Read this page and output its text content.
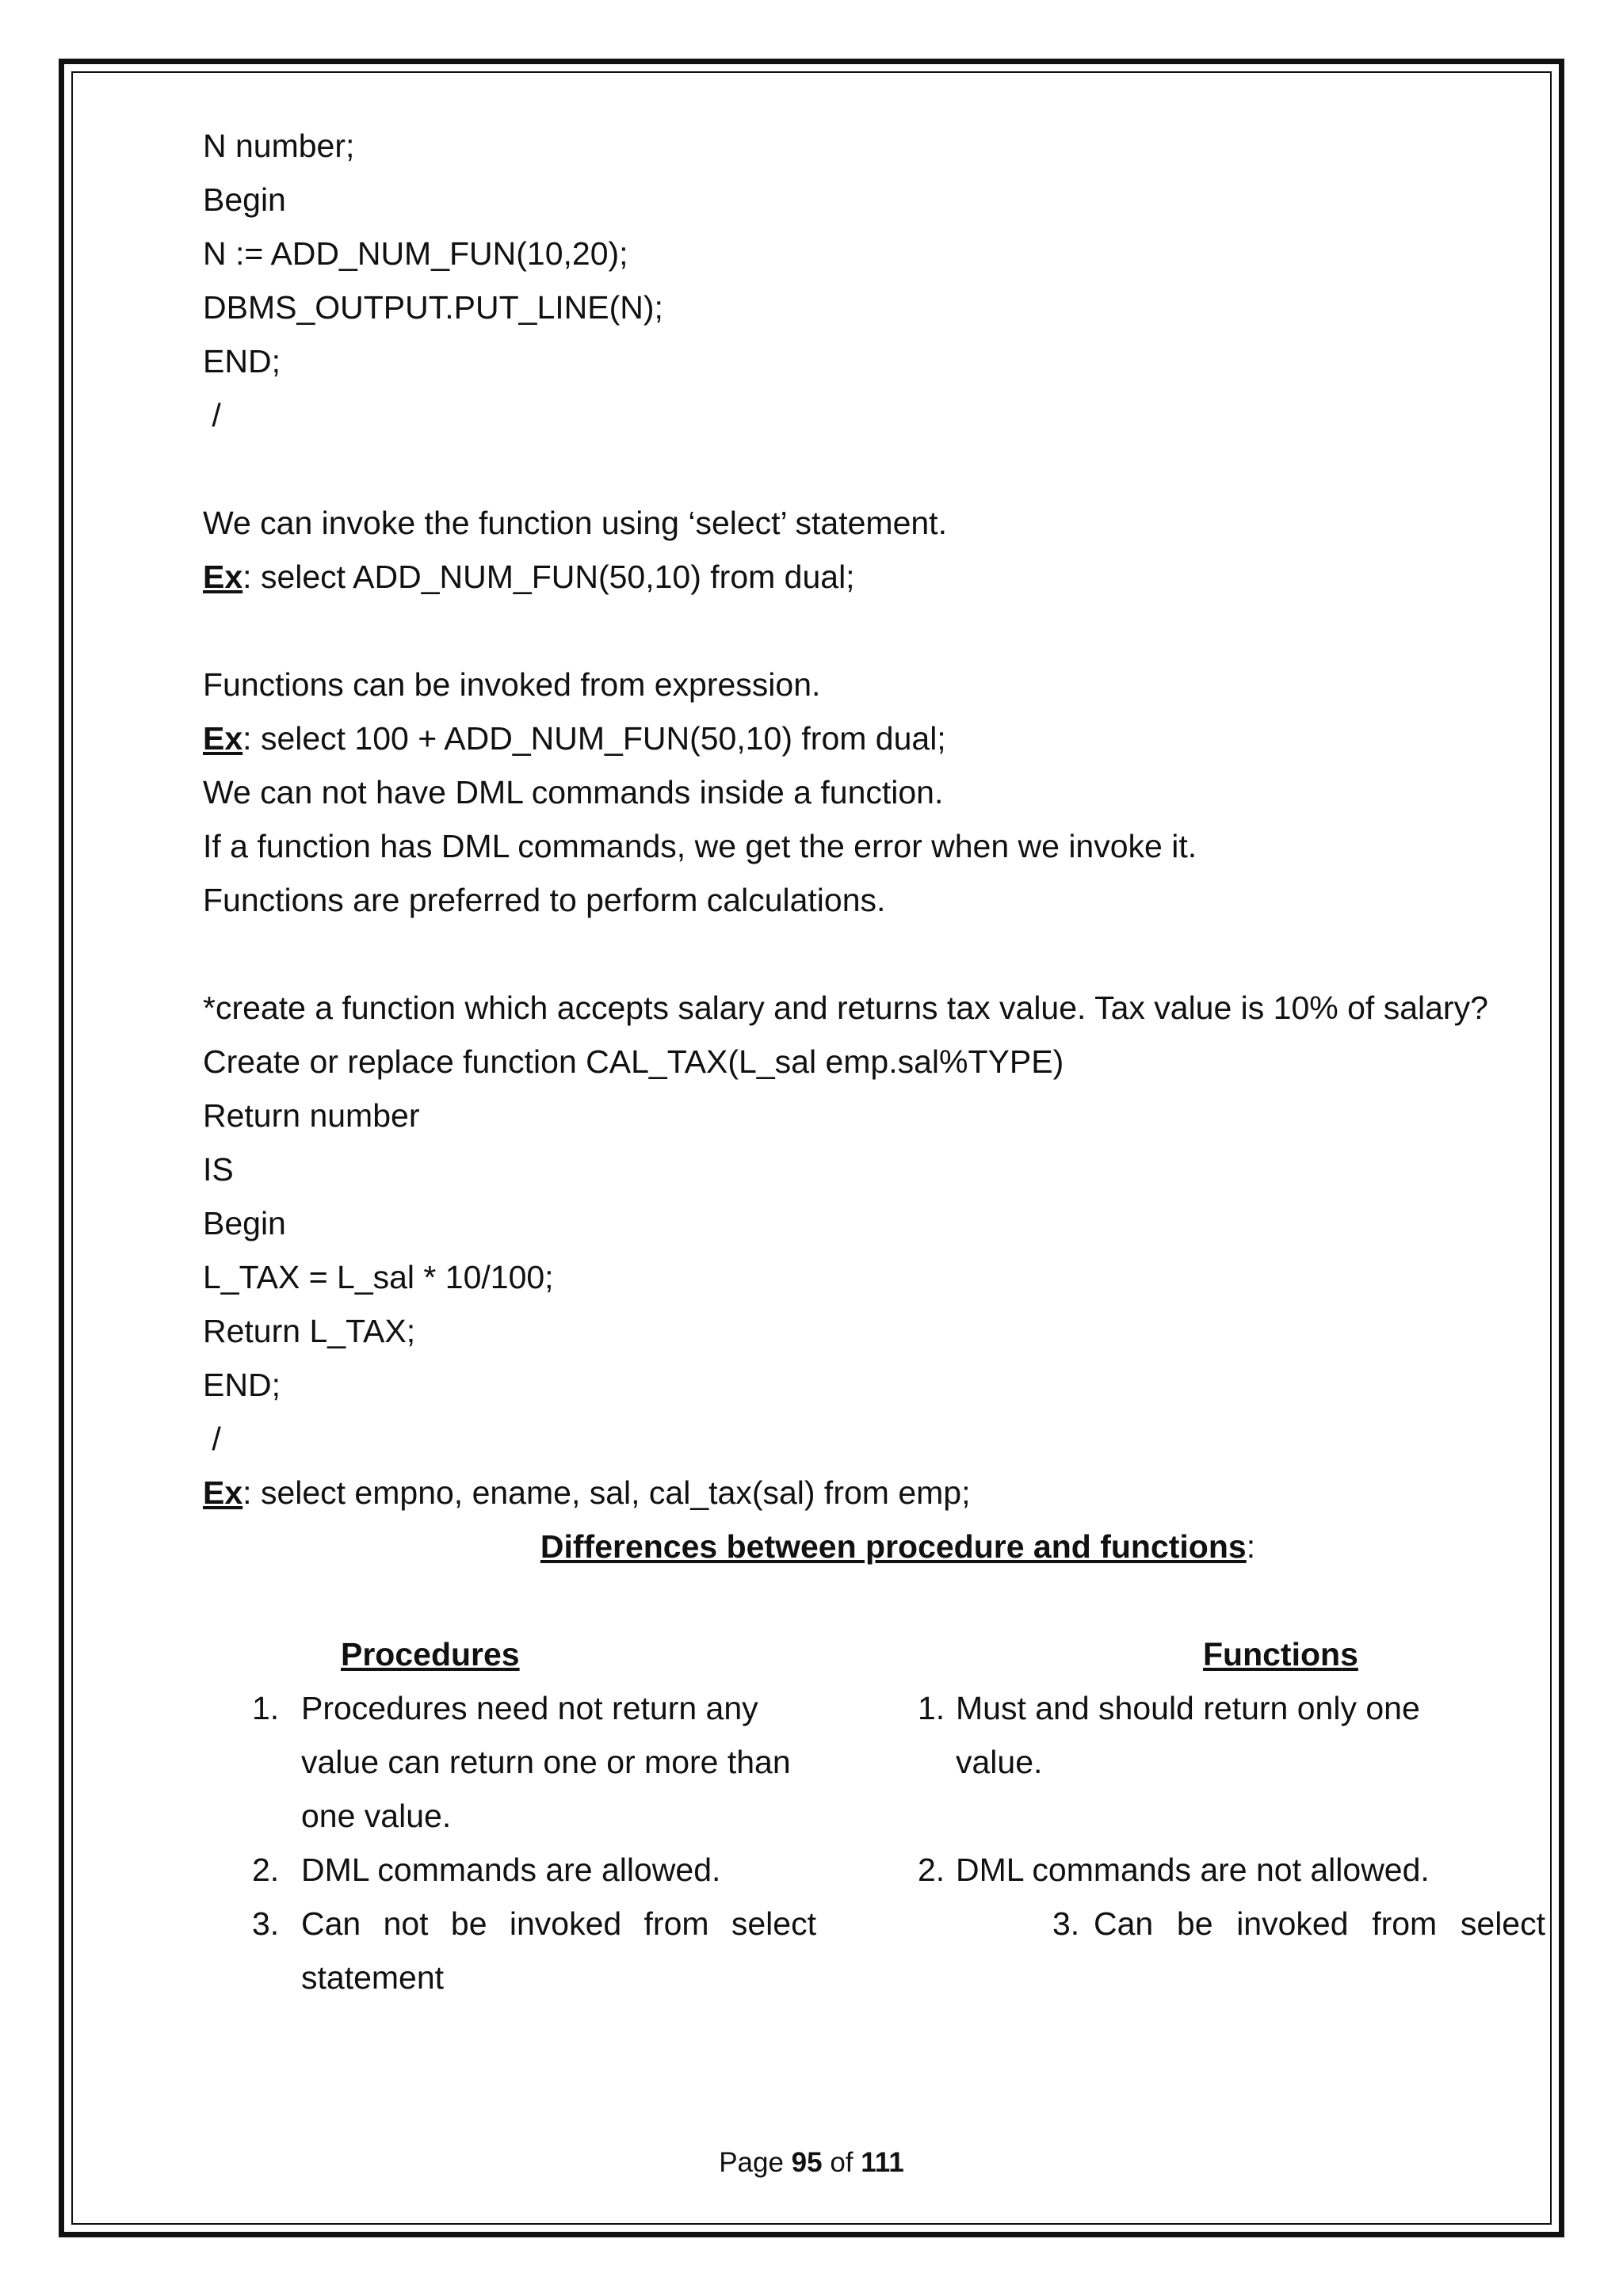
N number;
Begin
N := ADD_NUM_FUN(10,20);
DBMS_OUTPUT.PUT_LINE(N);
END;
/
We can invoke the function using ‘select’ statement.
Ex: select ADD_NUM_FUN(50,10) from dual;
Functions can be invoked from expression.
Ex: select 100 + ADD_NUM_FUN(50,10) from dual;
We can not have DML commands inside a function.
If a function has DML commands, we get the error when we invoke it.
Functions are preferred to perform calculations.
*create a function which accepts salary and returns tax value. Tax value is 10% of salary?
Create or replace function CAL_TAX(L_sal emp.sal%TYPE)
Return number
IS
Begin
L_TAX = L_sal * 10/100;
Return L_TAX;
END;
/
Ex: select empno, ename, sal, cal_tax(sal) from emp;
Differences between procedure and functions:
Procedures	Functions
1. Procedures need not return any
value can return one or more than
one value.
2. DML commands are allowed.
3. Can not be invoked from select
statement
1. Must and should return only one
value.
2. DML commands are not allowed.
3. Can be invoked from select
Page 95 of 111
